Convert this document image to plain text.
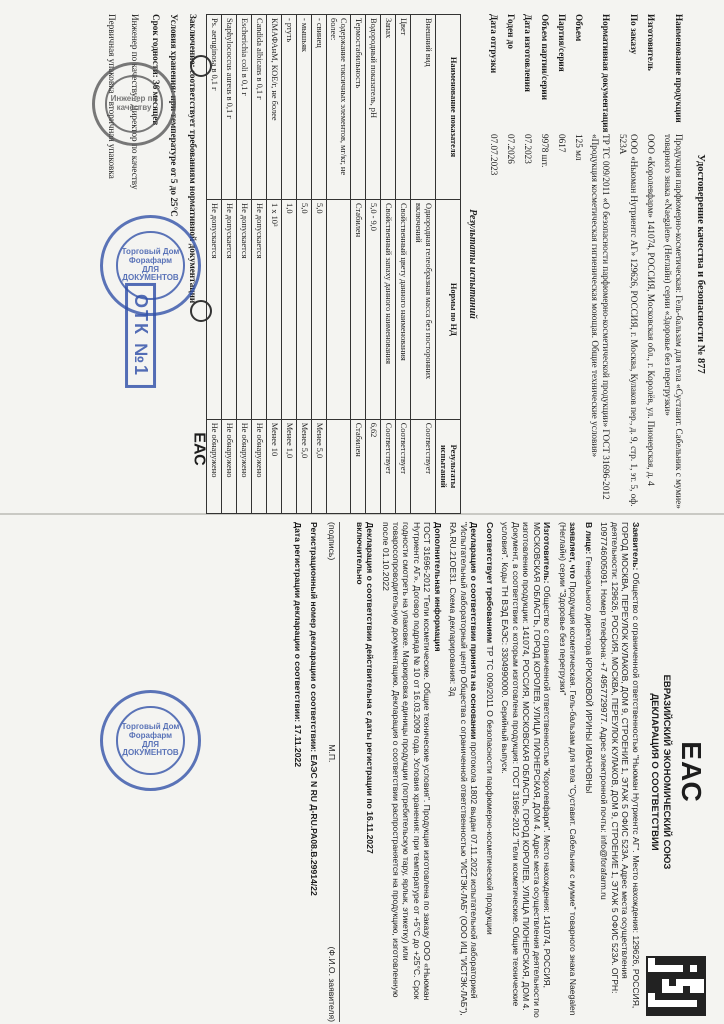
Удостоверение качества и безопасности № 877
Наименование продукции
Продукция парфюмерно-косметическая: Гель-бальзам для тела «Суставит. Сабельник с мумие» товарного знака «Naegalen» (Неглайн) серии «Здоровье без перегрузки»
Изготовитель
ООО «Королевфарм» 141074, РОССИЯ, Московская обл., г. Королёв, ул. Пионерская, д. 4
По заказу
ООО «Ньюман Нутриентс АГ» 129626, РОССИЯ, г. Москва, Кулаков пер., д. 9, стр. 1, эт. 5, оф. 523А
Нормативная документация
ТР ТС 009/2011 «О безопасности парфюмерно-косметической продукции» ГОСТ 31696-2012 «Продукция косметическая гигиеническая моющая. Общие технические условия»
Объем
125 мл
Партия/серия
0617
Объем партии/серии
9978 шт.
Дата изготовления
07.2023
Годен до
07.2026
Дата отгрузки
07.07.2023
Результаты испытаний
Наименование показателя	Нормы по НД	Результаты испытаний
Внешний вид	Однородная гелеобразная масса без посторонних включений	Соответствует
Цвет	Свойственный цвету данного наименования	Соответствует
Запах	Свойственный запаху данного наименования	Соответствует
Водородный показатель, pH	5,0 - 9,0	6,62
Термостабильность	Стабилен	Стабилен
Содержание токсичных элементов, мг/кг, не более:		
- свинец	5,0	Менее 5,0
- мышьяк	5,0	Менее 5,0
- ртуть	1,0	Менее 1,0
КМАФАнМ, КОЕ/г, не более	1 х 10³	Менее 10
Candida albicans в 0,1 г	Не допускается	Не обнаружено
Escherichia coli в 0,1 г	Не допускается	Не обнаружено
Staphylococcus aureus в 0,1 г	Не допускается	Не обнаружено
Ps. aeruginosa в 0,1 г	Не допускается	Не обнаружено
Заключение: соответствует требованиям нормативной документации
Условия хранения: при температуре от 5 до 25°С
Срок годности: 36 месяцев
Инженер по качеству / Директор по качеству
Первичная упаковка
вторичная упаковка
ЕАС
ЕВРАЗИЙСКИЙ ЭКОНОМИЧЕСКИЙ СОЮЗ
ДЕКЛАРАЦИЯ О СООТВЕТСТВИИ

Заявитель: Общество с ограниченной ответственностью "Ньюман Нутриентс АГ". Место нахождения: 129626, РОССИЯ, ГОРОД МОСКВА, ПЕРЕУЛОК КУЛАКОВ, ДОМ 9, СТРОЕНИЕ 1, ЭТАЖ 5 ОФИС 523А. Адрес места осуществления деятельности: 129626, РОССИЯ, МОСКВА, ПЕРЕУЛОК КУЛАКОВ, ДОМ 9, СТРОЕНИЕ 1, ЭТАЖ 5 ОФИС 523А. ОГРН: 1097746005091. Номер телефона: +7 4957729977. Адрес электронной почты: info@forafarm.ru

В лице: Генерального директора КРЮКОВОЙ ИРИНЫ ИВАНОВНЫ

заявляет, что Продукция косметическая. Гель-бальзам для тела "Суставит. Сабельник с мумие" товарного знака Naegalen (Неглайн) серии "Здоровье без перегрузки"

Изготовитель: Общество с ограниченной ответственностью "Королевфарм". Место нахождения: 141074, РОССИЯ, МОСКОВСКАЯ ОБЛАСТЬ, ГОРОД КОРОЛЕВ, УЛИЦА ПИОНЕРСКАЯ, ДОМ 4. Адрес места осуществления деятельности по изготовлению продукции: 141074, РОССИЯ, МОСКОВСКАЯ ОБЛАСТЬ, ГОРОД КОРОЛЕВ, УЛИЦА ПИОНЕРСКАЯ, ДОМ 4. Документ, в соответствии с которым изготовлена продукция: ГОСТ 31696-2012 "Гели косметические. Общие технические условия". Коды ТН ВЭД ЕАЭС: 3304990000. Серийный выпуск.

Соответствует требованиям ТР ТС 009/2011 О безопасности парфюмерно-косметической продукции

Декларация о соответствии принята на основании протокола 1802 выдан 07.11.2022 испытательной лабораторией "Испытательный лабораторный центр Общества с ограниченной ответственностью "ИСТЭК-ЛАБ" (ООО ИЦ "ИСТЭК-ЛАБ"), RA.RU.21ОЕ31. Схема декларирования: 3д

Дополнительная информация
ГОСТ 31696-2012 "Гели косметические. Общие технические условия". Продукция изготовлена по заказу ООО «Ньюман Нутриентс АГ». Договор подряда № 10 от 16.03.2009 года. Условия хранения: при температуре от +5°С до +25°С. Срок годности смотреть на упаковке. Маркировка единицы продукции (потребительскую тару, ярлык, этикетку) или товаросопроводительную документацию. Декларация о соответствии распространяется на продукцию, изготовленную после 01.10.2022

Декларация о соответствии действительна с даты регистрации по 16.11.2027
включительно

(подпись)
М.П.
(Ф.И.О. заявителя)

Регистрационный номер декларации о соответствии: ЕАЭС N RU Д-RU.РА08.В.29914/22

Дата регистрации декларации о соответствии: 17.11.2022

Инженер по качеству
Торговый Дом Форафарм
ДЛЯ ДОКУМЕНТОВ
ОТК №1
ЕАС
Торговый Дом Форафарм
ДЛЯ ДОКУМЕНТОВ
